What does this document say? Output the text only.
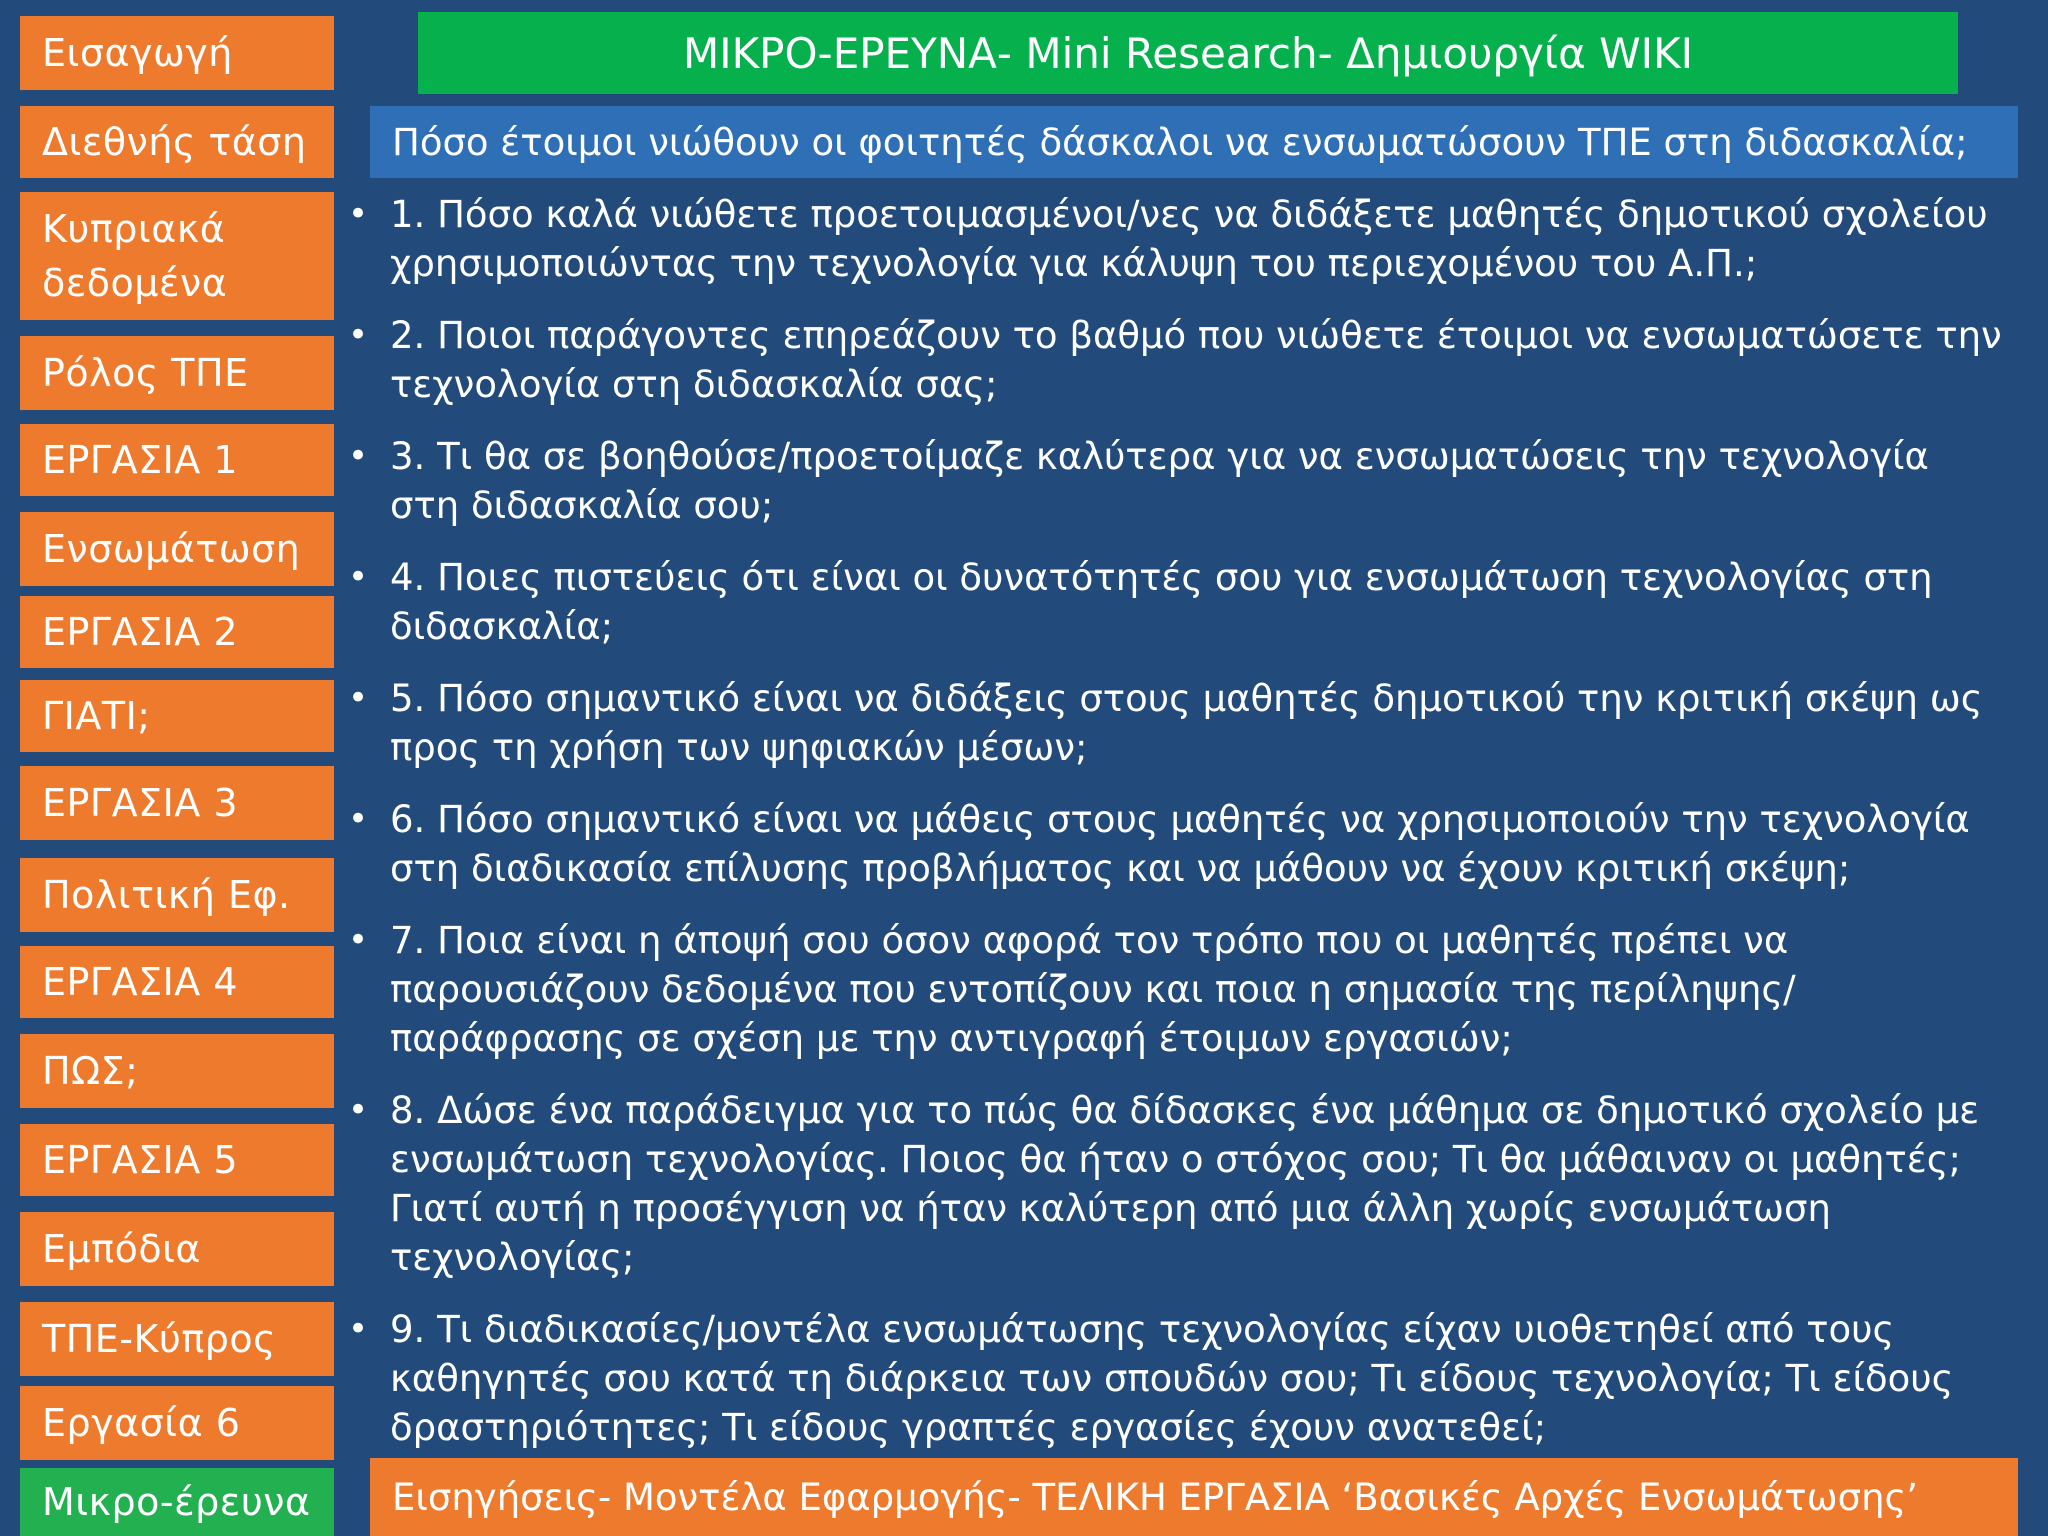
Εισαγωγή
Διεθνής τάση
Κυπριακά δεδομένα
Ρόλος ΤΠΕ
ΕΡΓΑΣΙΑ 1
Ενσωμάτωση
ΕΡΓΑΣΙΑ 2
ΓΙΑΤΙ;
ΕΡΓΑΣΙΑ 3
Πολιτική Εφ.
ΕΡΓΑΣΙΑ 4
ΠΩΣ;
ΕΡΓΑΣΙΑ 5
Εμπόδια
ΤΠΕ-Κύπρος
Εργασία 6
Μικρο-έρευνα
ΜΙΚΡΟ-ΕΡΕΥΝΑ- Mini Research- Δημιουργία WIKI
Πόσο έτοιμοι νιώθουν οι φοιτητές δάσκαλοι να ενσωματώσουν ΤΠΕ στη διδασκαλία;
• 1. Πόσο καλά νιώθετε προετοιμασμένοι/νες να διδάξετε μαθητές δημοτικού σχολείου χρησιμοποιώντας την τεχνολογία για κάλυψη του περιεχομένου του Α.Π.;
• 2. Ποιοι παράγοντες επηρεάζουν το βαθμό που νιώθετε έτοιμοι να ενσωματώσετε την τεχνολογία στη διδασκαλία σας;
• 3. Τι θα σε βοηθούσε/προετοίμαζε καλύτερα για να ενσωματώσεις την τεχνολογία στη διδασκαλία σου;
• 4. Ποιες πιστεύεις ότι είναι οι δυνατότητές σου για ενσωμάτωση τεχνολογίας στη διδασκαλία;
• 5. Πόσο σημαντικό είναι να διδάξεις στους μαθητές δημοτικού την κριτική σκέψη ως προς τη χρήση των ψηφιακών μέσων;
• 6. Πόσο σημαντικό είναι να μάθεις στους μαθητές να χρησιμοποιούν την τεχνολογία στη διαδικασία επίλυσης προβλήματος και να μάθουν να έχουν κριτική σκέψη;
• 7. Ποια είναι η άποψή σου όσον αφορά τον τρόπο που οι μαθητές πρέπει να παρουσιάζουν δεδομένα που εντοπίζουν και ποια η σημασία της περίληψης/παράφρασης σε σχέση με την αντιγραφή έτοιμων εργασιών;
• 8. Δώσε ένα παράδειγμα για το πώς θα δίδασκες ένα μάθημα σε δημοτικό σχολείο με ενσωμάτωση τεχνολογίας. Ποιος θα ήταν ο στόχος σου; Τι θα μάθαιναν οι μαθητές; Γιατί αυτή η προσέγγιση να ήταν καλύτερη από μια άλλη χωρίς ενσωμάτωση τεχνολογίας;
• 9. Τι διαδικασίες/μοντέλα ενσωμάτωσης τεχνολογίας είχαν υιοθετηθεί από τους καθηγητές σου κατά τη διάρκεια των σπουδών σου; Τι είδους τεχνολογία; Τι είδους δραστηριότητες; Τι είδους γραπτές εργασίες έχουν ανατεθεί;
Εισηγήσεις- Μοντέλα Εφαρμογής- ΤΕΛΙΚΗ ΕΡΓΑΣΙΑ ‘Βασικές Αρχές Ενσωμάτωσης’
